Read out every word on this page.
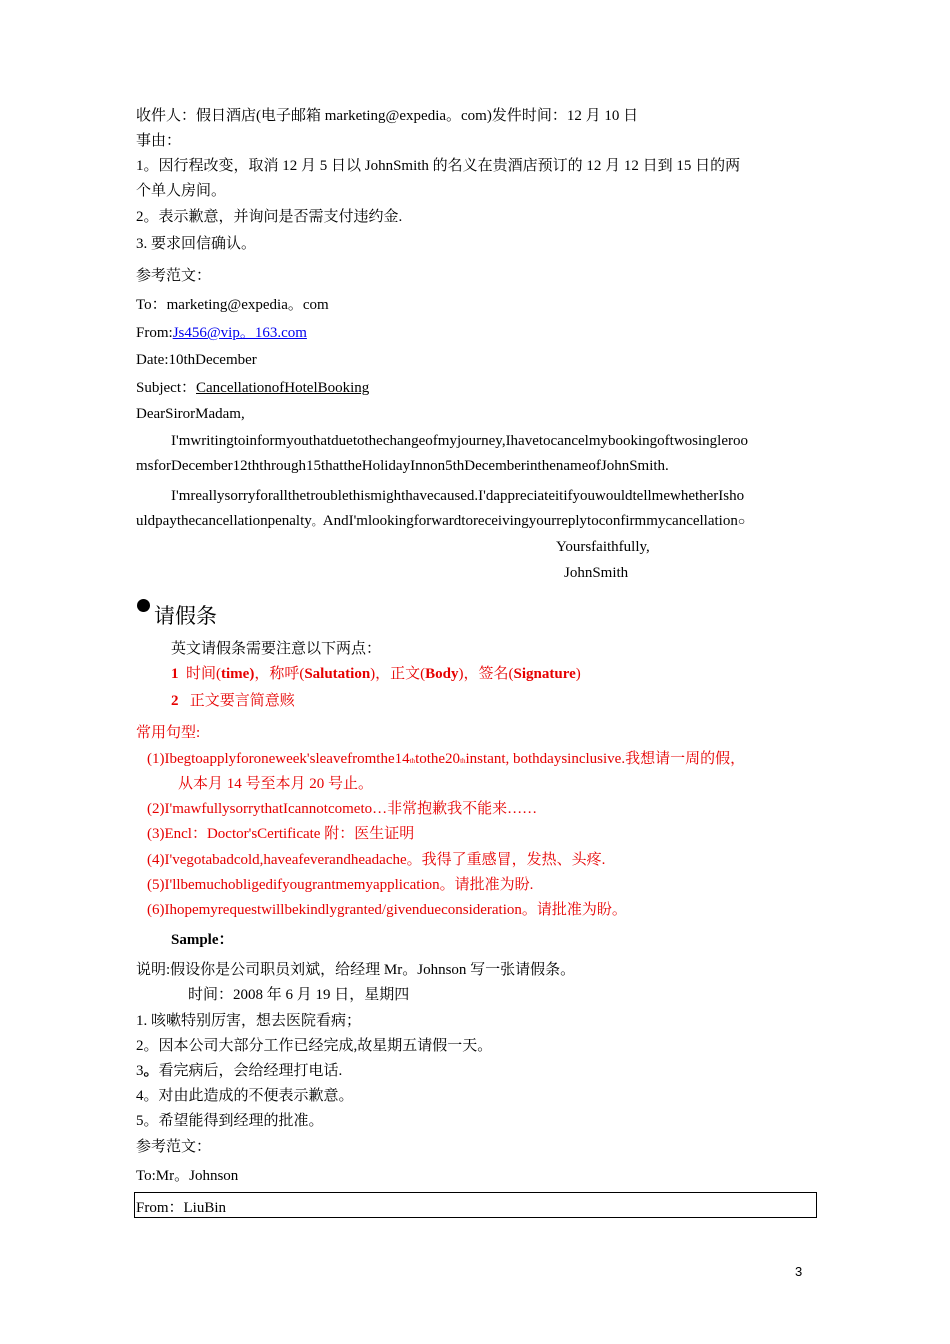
收件人：假日酒店(电子邮箱 marketing@expedia。com)发件时间：12 月 10 日
事由：
1。因行程改变，取消 12 月 5 日以 JohnSmith 的名义在贵酒店预订的 12 月 12 日到 15 日的两
个单人房间。
2。表示歉意，并询问是否需支付违约金.
3. 要求回信确认。
参考范文：
To：marketing@expedia。com
From:Js456@vip。163.com
Date:10thDecember
Subject：CancellationofHotelBooking
DearSirorMadam,
I'mwritingtoinformyouthatduetothechangeofmyjourney,Ihavetocancelmybookingoftwosingleroo
msforDecember12ththrough15thattheHolidayInnon5thDecemberinthenameofJohnSmith.
I'mreallysorryforallthetroublethismighthavecaused.I'dappreciateitifyouwouldtellmewhetherIsho
uldpaythecancellationpenalty。AndI'mlookingforwardtoreceivingyourreplytoconfirmmycancellation○
Yoursfaithfully,
JohnSmith
请假条
英文请假条需要注意以下两点：
1 时间(time)，称呼(Salutation)，正文(Body)，签名(Signature)
2 正文要言简意赅
常用句型:
(1)Ibegtoapplyforoneweek'sleavefromthe14thtothe20thinstant, bothdaysinclusive.我想请一周的假，
从本月 14 号至本月 20 号止。
(2)I'mawfullysorrythatIcannotcometo…非常抱歉我不能来……
(3)Encl：Doctor'sCertificate 附：医生证明
(4)I'vegotabadcold,haveafeverandheadache。我得了重感冒，发热、头疼.
(5)I'llbemuchobligedifyougrantmemyapplication。请批准为盼.
(6)Ihopemyrequestwillbekindlygranted/givendueconsideration。请批准为盼。
Sample：
说明:假设你是公司职员刘斌，给经理 Mr。Johnson 写一张请假条。
时间：2008 年 6 月 19 日，星期四
1. 咳嗽特别厉害，想去医院看病；
2。因本公司大部分工作已经完成,故星期五请假一天。
3。看完病后，会给经理打电话.
4。对由此造成的不便表示歉意。
5。希望能得到经理的批准。
参考范文：
To:Mr。Johnson
From：LiuBin
3
